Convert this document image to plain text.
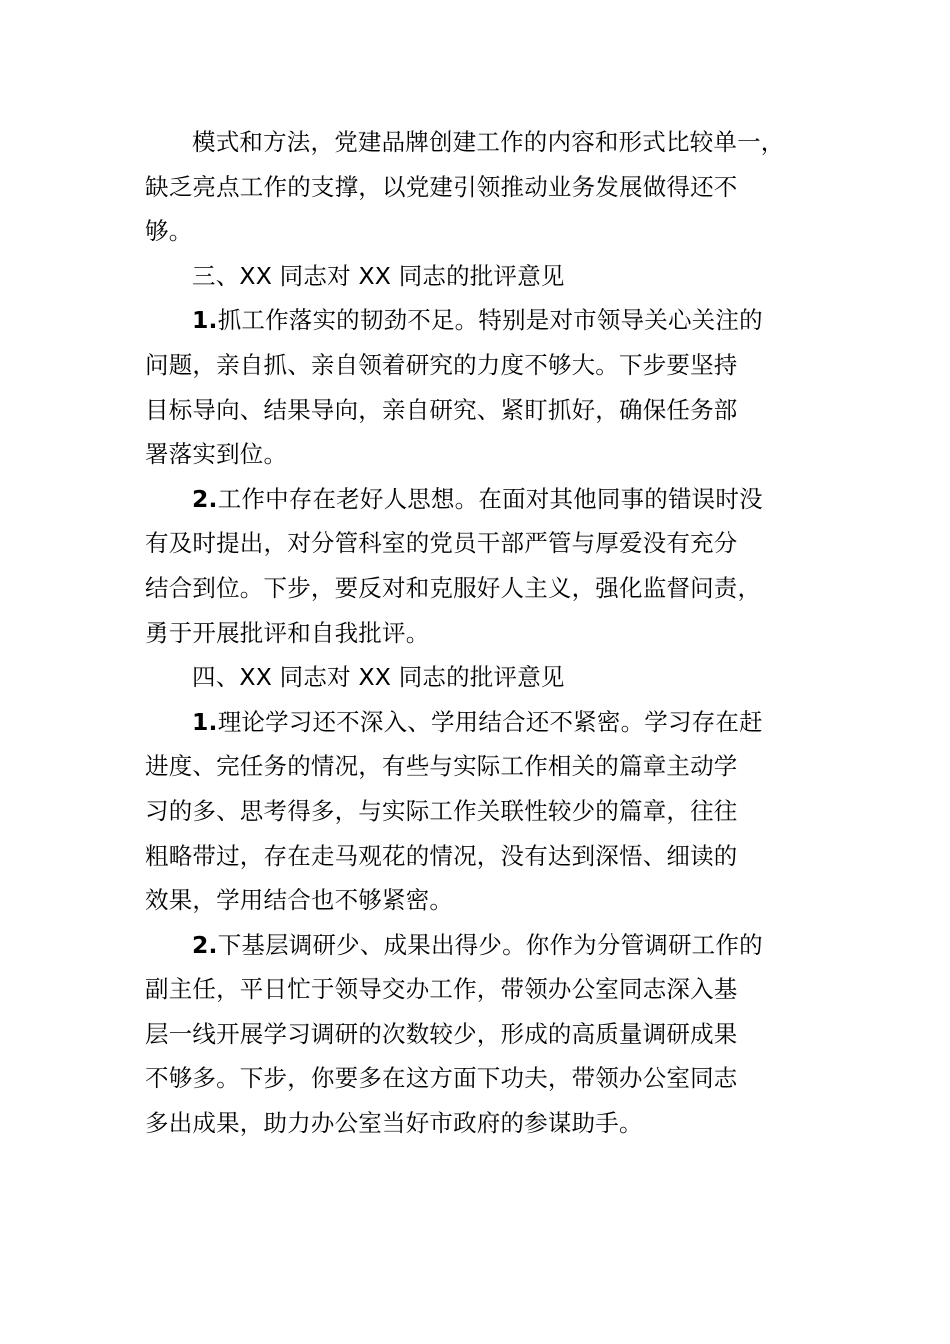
模式和方法，党建品牌创建工作的内容和形式比较单一，
缺乏亮点工作的支撑，以党建引领推动业务发展做得还不
够。
三、XX 同志对 XX 同志的批评意见
1.抓工作落实的韧劲不足。特别是对市领导关心关注的
问题，亲自抓、亲自领着研究的力度不够大。下步要坚持
目标导向、结果导向，亲自研究、紧盯抓好，确保任务部
署落实到位。
2.工作中存在老好人思想。在面对其他同事的错误时没
有及时提出，对分管科室的党员干部严管与厚爱没有充分
结合到位。下步，要反对和克服好人主义，强化监督问责，
勇于开展批评和自我批评。
四、XX 同志对 XX 同志的批评意见
1.理论学习还不深入、学用结合还不紧密。学习存在赶
进度、完任务的情况，有些与实际工作相关的篇章主动学
习的多、思考得多，与实际工作关联性较少的篇章，往往
粗略带过，存在走马观花的情况，没有达到深悟、细读的
效果，学用结合也不够紧密。
2.下基层调研少、成果出得少。你作为分管调研工作的
副主任，平日忙于领导交办工作，带领办公室同志深入基
层一线开展学习调研的次数较少，形成的高质量调研成果
不够多。下步，你要多在这方面下功夫，带领办公室同志
多出成果，助力办公室当好市政府的参谋助手。
